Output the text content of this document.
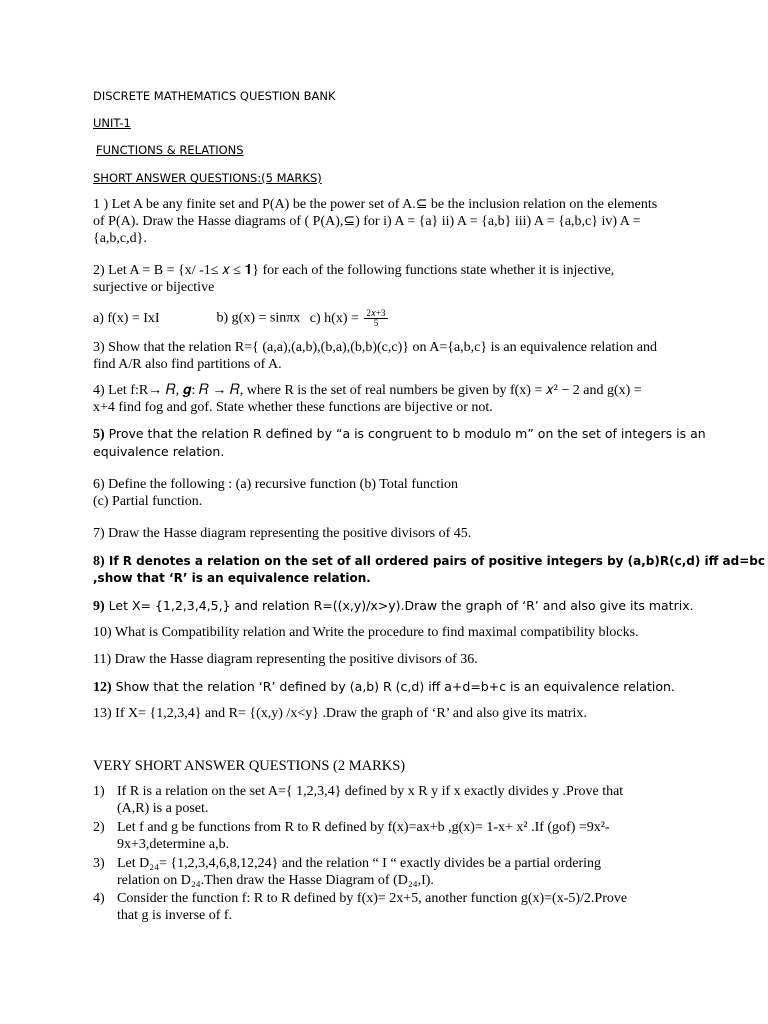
DISCRETE MATHEMATICS QUESTION BANK
UNIT-1
FUNCTIONS & RELATIONS
SHORT ANSWER QUESTIONS:(5 MARKS)
1 ) Let A be any finite set and P(A) be the power set of A.⊆ be the inclusion relation on the elements
of P(A). Draw the Hasse diagrams of ( P(A),⊆) for i) A = {a} ii) A = {a,b} iii) A = {a,b,c} iv) A =
{a,b,c,d}.
2) Let A = B = {x/ -1≤ 𝑥 ≤ 𝟏} for each of the following functions state whether it is injective,
surjective or bijective
a) f(x) = IxI	b) g(x) = sinπx c) $h(x) = \frac{\text{2𝑥+3}}{5}$
3) Show that the relation R={ (a,a),(a,b),(b,a),(b,b)(c,c)} on A={a,b,c} is an equivalence relation and
find A/R also find partitions of A.
4) Let f:R→ 𝑅, 𝒈: 𝑅 → 𝑅, where R is the set of real numbers be given by f(x) = 𝑥² − 2 and g(x) =
x+4 find fog and gof. State whether these functions are bijective or not.
5) Prove that the relation R defined by “a is congruent to b modulo m” on the set of integers is an
equivalence relation.
6) Define the following : (a) recursive function (b) Total function
(c) Partial function.
7) Draw the Hasse diagram representing the positive divisors of 45.
8) If R denotes a relation on the set of all ordered pairs of positive integers by (a,b)R(c,d) iff ad=bc
,show that ‘R’ is an equivalence relation.
9) Let X= {1,2,3,4,5,} and relation R=((x,y)/x>y).Draw the graph of ‘R’ and also give its matrix.
10) What is Compatibility relation and Write the procedure to find maximal compatibility blocks.
11) Draw the Hasse diagram representing the positive divisors of 36.
12) Show that the relation ‘R’ defined by (a,b) R (c,d) iff a+d=b+c is an equivalence relation.
13) If X= {1,2,3,4} and R= {(x,y) /x<y} .Draw the graph of ‘R’ and also give its matrix.
VERY SHORT ANSWER QUESTIONS (2 MARKS)
1) If R is a relation on the set A={ 1,2,3,4} defined by x R y if x exactly divides y .Prove that
(A,R) is a poset.
2) Let f and g be functions from R to R defined by f(x)=ax+b ,g(x)= 1-x+ x² .If (gof) =9x²-
9x+3,determine a,b.
3) Let D₂₄= {1,2,3,4,6,8,12,24} and the relation “ I “ exactly divides be a partial ordering
relation on D₂₄.Then draw the Hasse Diagram of (D₂₄,I).
4) Consider the function f: R to R defined by f(x)= 2x+5, another function g(x)=(x-5)/2.Prove
that g is inverse of f.
